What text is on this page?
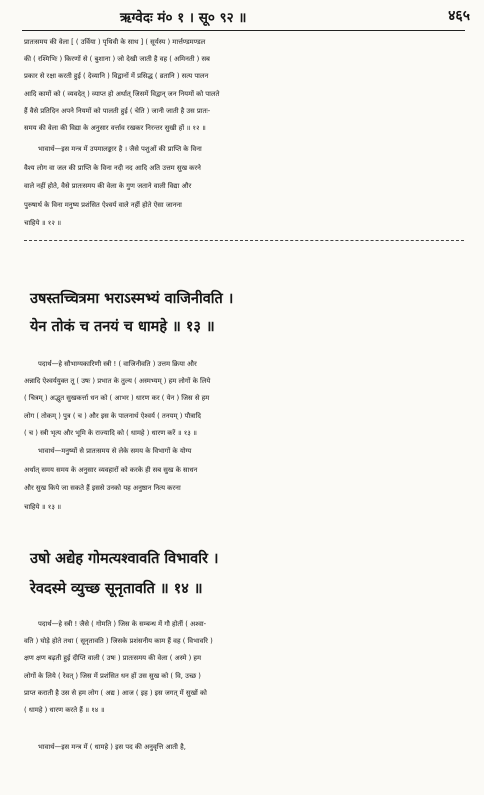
ऋग्वेदः मं० १ । सू० ९२ ॥	४६५
प्रातःसमय की वेला [ ( उर्विया ) पृथिवी के साथ ] ( सूर्यस्य ) मार्त्तण्डमण्डल
की ( रश्मिभिः ) किरणों से ( बुशाना ) जो देखी जाती है वह ( अमिनती ) सब
प्रकार से रक्षा करती हुई ( देव्यानि ) विद्वानों में प्रसिद्ध ( व्रतानि ) सत्य पालन
आदि कामों को ( व्यवदेत् ) व्याप्त हो अर्थात् जिसमें विद्वान् जन नियमों को पालते
हैं वैसे प्रतिदिन अपने नियमों को पालती हुई ( चेति ) जानी जाती है उस प्रातः-
समय की वेला की विद्या के अनुसार वर्त्ताव रखकर निरन्तर सुखी हों ॥ १२ ॥
भावार्थ—इस मन्त्र में उपमालङ्कार है । जैसे पशुओं की प्राप्ति के विना
वैश्य लोग वा जल की प्राप्ति के विना नदी नद आदि अति उत्तम सुख करने
वाले नहीं होते, वैसे प्रातःसमय की वेला के गुण जताने वाली विद्या और
पुरुषार्थ के विना मनुष्य प्रशंसित ऐश्वर्य वाले नहीं होते ऐसा जानना
चाहिये ॥ १२ ॥
उषस्तच्चित्रमा भराऽस्मभ्यं वाजिनीवति ।
येन तोकं च तनयं च धामहे ॥ १३ ॥
पदार्थ—हे सौभाग्यकारिणी स्त्री ! ( वाजिनीवति ) उत्तम क्रिया और
अन्नादि ऐश्वर्ययुक्त तू ( उषः ) प्रभात के तुल्य ( अस्मभ्यम् ) हम लोगों के लिये
( चित्रम् ) अद्भुत सुखकर्त्ता धन को ( आभर ) धारण कर ( येन ) जिस से हम
लोग ( तोकम् ) पुत्र ( च ) और इस के पालनार्थ ऐश्वर्य ( तनयम् ) पौत्रादि
( च ) स्त्री भृत्य और भूमि के राज्यादि को ( धामहे ) धारण करें ॥ १३ ॥
भावार्थ—मनुष्यों से प्रातःसमय से लेके समय के विभागों के योग्य
अर्थात् समय समय के अनुसार व्यवहारों को करके ही सब सुख के साधन
और सुख किये जा सकते हैं इससे उनको यह अनुष्ठान नित्य करना
चाहिये ॥ १३ ॥
उषो अद्येह गोमत्यश्वावति विभावरि ।
रेवदस्मे व्युच्छ सूनृतावति ॥ १४ ॥
पदार्थ—हे स्त्री ! जैसे ( गोमति ) जिस के सम्बन्ध में गौ होतीं ( अश्वा-
वति ) घोड़े होते तथा ( सूनृतावति ) जिसके प्रशंसनीय काम हैं वह ( विभावरि )
क्षण क्षण बढ़ती हुई दीप्ति वाली ( उषः ) प्रातःसमय की वेला ( अस्मे ) हम
लोगों के लिये ( रेवत् ) जिस में प्रशंसित धन हों उस सुख को ( वि, उच्छ )
प्राप्त कराती है उस से हम लोग ( अद्य ) आज ( इह ) इस जगत् में सुखों को
( धामहे ) धारण करते हैं ॥ १४ ॥
भावार्थ—इस मन्त्र में ( धामहे ) इस पद की अनुवृत्ति आती है,
